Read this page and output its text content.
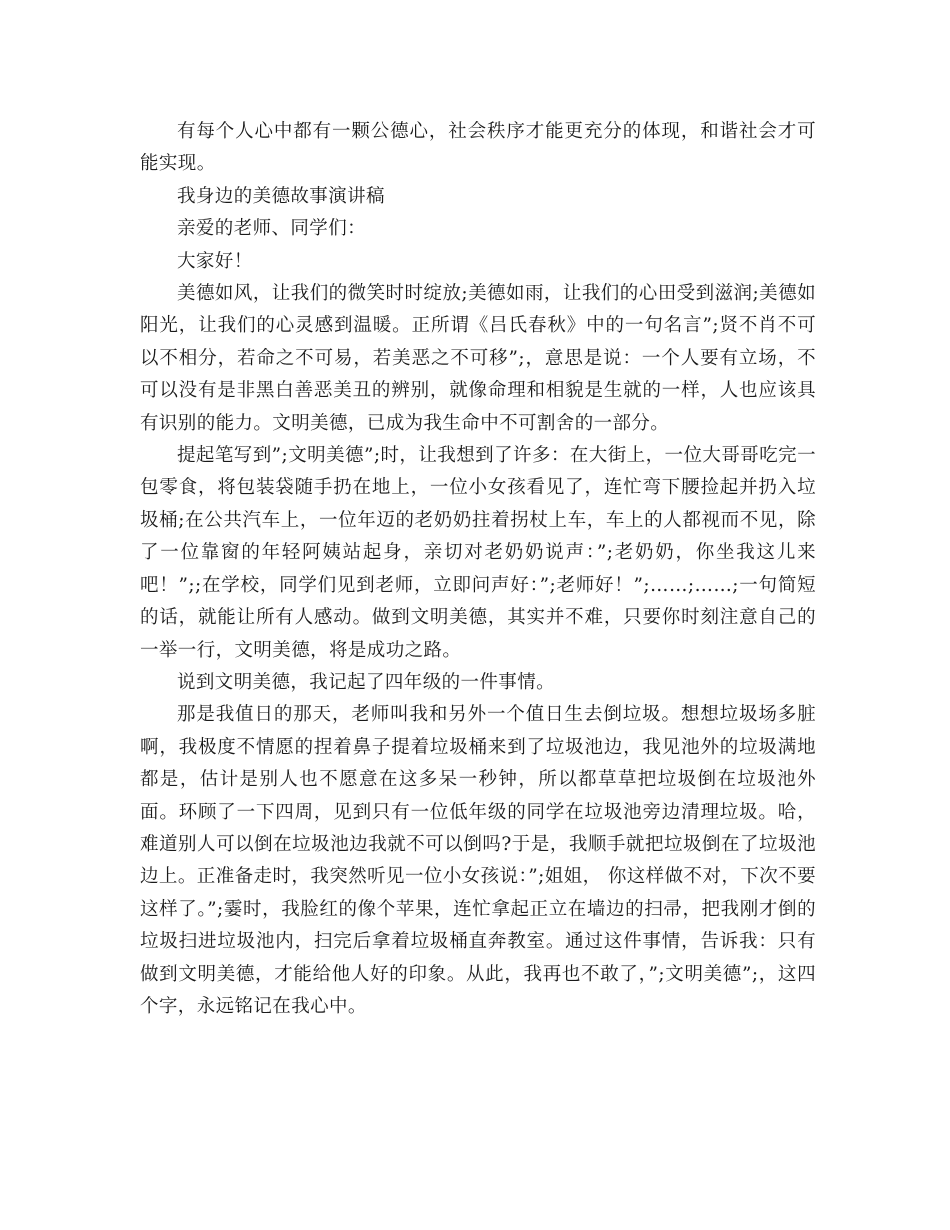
有每个人心中都有一颗公德心，社会秩序才能更充分的体现，和谐社会才可能实现。

我身边的美德故事演讲稿

亲爱的老师、同学们：

大家好！

美德如风，让我们的微笑时时绽放;美德如雨，让我们的心田受到滋润;美德如阳光，让我们的心灵感到温暖。正所谓《吕氏春秋》中的一句名言”;贤不肖不可以不相分，若命之不可易，若美恶之不可移”;，意思是说：一个人要有立场，不可以没有是非黑白善恶美丑的辨别，就像命理和相貌是生就的一样，人也应该具有识别的能力。文明美德，已成为我生命中不可割舍的一部分。

提起笔写到”;文明美德”;时，让我想到了许多：在大街上，一位大哥哥吃完一包零食，将包装袋随手扔在地上，一位小女孩看见了，连忙弯下腰捡起并扔入垃圾桶;在公共汽车上，一位年迈的老奶奶拄着拐杖上车，车上的人都视而不见，除了一位靠窗的年轻阿姨站起身，亲切对老奶奶说声：”;老奶奶，你坐我这儿来吧！”;;在学校，同学们见到老师，立即问声好：”;老师好！”;……;……;一句简短的话，就能让所有人感动。做到文明美德，其实并不难，只要你时刻注意自己的一举一行，文明美德，将是成功之路。

说到文明美德，我记起了四年级的一件事情。

那是我值日的那天，老师叫我和另外一个值日生去倒垃圾。想想垃圾场多脏啊，我极度不情愿的捏着鼻子提着垃圾桶来到了垃圾池边，我见池外的垃圾满地都是，估计是别人也不愿意在这多呆一秒钟，所以都草草把垃圾倒在垃圾池外面。环顾了一下四周，见到只有一位低年级的同学在垃圾池旁边清理垃圾。哈，难道别人可以倒在垃圾池边我就不可以倒吗?于是，我顺手就把垃圾倒在了垃圾池边上。正准备走时，我突然听见一位小女孩说：”;姐姐， 你这样做不对，下次不要这样了。”;霎时，我脸红的像个苹果，连忙拿起正立在墙边的扫帚，把我刚才倒的垃圾扫进垃圾池内，扫完后拿着垃圾桶直奔教室。通过这件事情，告诉我：只有做到文明美德，才能给他人好的印象。从此，我再也不敢了，”;文明美德”;，这四个字，永远铭记在我心中。
